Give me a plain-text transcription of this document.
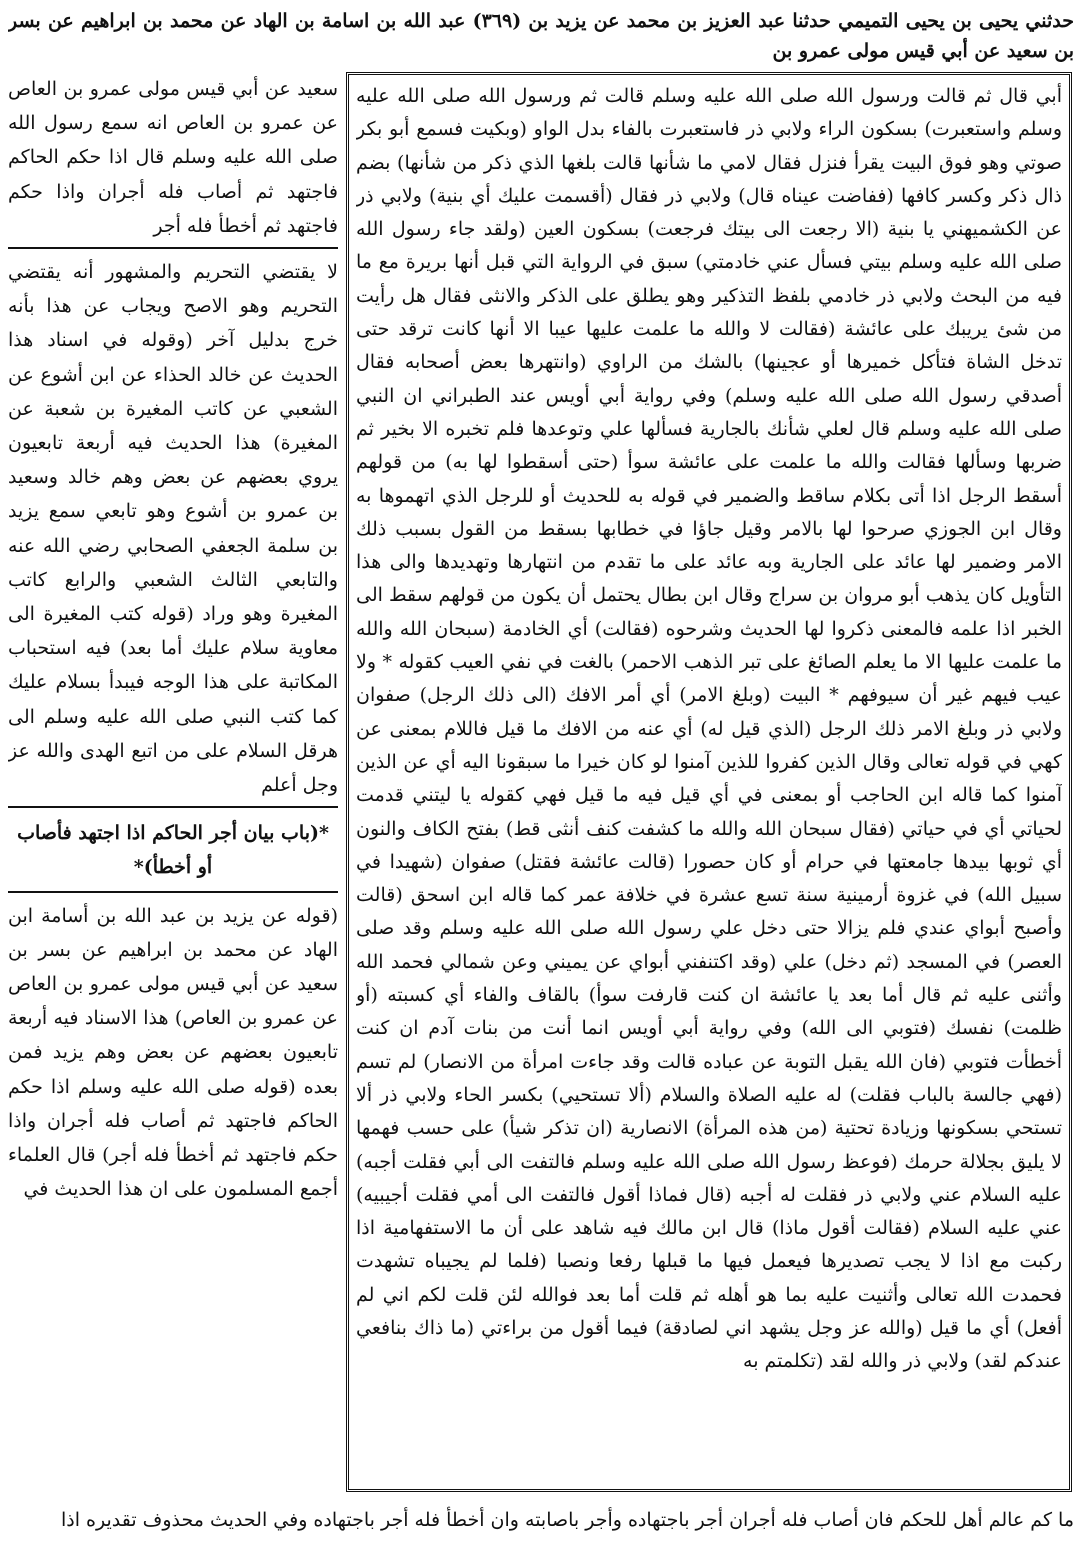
حدثني يحيى بن يحيى التميمي حدثنا عبد العزيز بن محمد عن يزيد بن (٣٦٩) عبد الله بن اسامة بن الهاد عن محمد بن ابراهيم عن بسر بن سعيد عن أبي قيس مولى عمرو بن
أبي قال ثم قالت ورسول الله صلى الله عليه وسلم قالت ثم ورسول الله صلى الله عليه وسلم واستعبرت) بسكون الراء ولابي ذر فاستعبرت بالفاء بدل الواو (وبكيت فسمع أبو بكر صوتي وهو فوق البيت يقرأ فنزل فقال لامي ما شأنها قالت بلغها الذي ذكر من شأنها) بضم ذال ذكر وكسر كافها (ففاضت عيناه قال) ولابي ذر فقال (أقسمت عليك أي بنية) ولابي ذر عن الكشميهني يا بنية (الا رجعت الى بيتك فرجعت) بسكون العين (ولقد جاء رسول الله صلى الله عليه وسلم بيتي فسأل عني خادمتي) سبق في الرواية التي قبل أنها بريرة مع ما فيه من البحث ولابي ذر خادمي بلفظ التذكير وهو يطلق على الذكر والانثى فقال هل رأيت من شئ يريبك على عائشة (فقالت لا والله ما علمت عليها عيبا الا أنها كانت ترقد حتى تدخل الشاة فتأكل خميرها أو عجينها) بالشك من الراوي (وانتهرها بعض أصحابه فقال أصدقي رسول الله صلى الله عليه وسلم) وفي رواية أبي أويس عند الطبراني ان النبي صلى الله عليه وسلم قال لعلي شأنك بالجارية فسألها علي وتوعدها فلم تخبره الا بخير ثم ضربها وسألها فقالت والله ما علمت على عائشة سوأ (حتى أسقطوا لها به) من قولهم أسقط الرجل اذا أتى بكلام ساقط والضمير في قوله به للحديث أو للرجل الذي اتهموها به وقال ابن الجوزي صرحوا لها بالامر وقيل جاؤا في خطابها بسقط من القول بسبب ذلك الامر وضمير لها عائد على الجارية وبه عائد على ما تقدم من انتهارها وتهديدها والى هذا التأويل كان يذهب أبو مروان بن سراج وقال ابن بطال يحتمل أن يكون من قولهم سقط الى الخبر اذا علمه فالمعنى ذكروا لها الحديث وشرحوه (فقالت) أي الخادمة (سبحان الله والله ما علمت عليها الا ما يعلم الصائغ على تبر الذهب الاحمر) بالغت في نفي العيب كقوله * ولا عيب فيهم غير أن سيوفهم * البيت (وبلغ الامر) أي أمر الافك (الى ذلك الرجل) صفوان ولابي ذر وبلغ الامر ذلك الرجل (الذي قيل له) أي عنه من الافك ما قيل فاللام بمعنى عن كهي في قوله تعالى وقال الذين كفروا للذين آمنوا لو كان خيرا ما سبقونا اليه أي عن الذين آمنوا كما قاله ابن الحاجب أو بمعنى في أي قيل فيه ما قيل فهي كقوله يا ليتني قدمت لحياتي أي في حياتي (فقال سبحان الله والله ما كشفت كنف أنثى قط) بفتح الكاف والنون أي ثوبها بيدها جامعتها في حرام أو كان حصورا (قالت عائشة فقتل) صفوان (شهيدا في سبيل الله) في غزوة أرمينية سنة تسع عشرة في خلافة عمر كما قاله ابن اسحق (قالت وأصبح أبواي عندي فلم يزالا حتى دخل علي رسول الله صلى الله عليه وسلم وقد صلى العصر) في المسجد (ثم دخل) علي (وقد اكتنفني أبواي عن يميني وعن شمالي فحمد الله وأثنى عليه ثم قال أما بعد يا عائشة ان كنت قارفت سوأ) بالقاف والفاء أي كسبته (أو ظلمت) نفسك (فتوبي الى الله) وفي رواية أبي أويس انما أنت من بنات آدم ان كنت أخطأت فتوبي (فان الله يقبل التوبة عن عباده قالت وقد جاءت امرأة من الانصار) لم تسم (فهي جالسة بالباب فقلت) له عليه الصلاة والسلام (ألا تستحيي) بكسر الحاء ولابي ذر ألا تستحي بسكونها وزيادة تحتية (من هذه المرأة) الانصارية (ان تذكر شيأ) على حسب فهمها لا يليق بجلالة حرمك (فوعظ رسول الله صلى الله عليه وسلم فالتفت الى أبي فقلت أجبه) عليه السلام عني ولابي ذر فقلت له أجبه (قال فماذا أقول فالتفت الى أمي فقلت أجيبيه) عني عليه السلام (فقالت أقول ماذا) قال ابن مالك فيه شاهد على أن ما الاستفهامية اذا ركبت مع اذا لا يجب تصديرها فيعمل فيها ما قبلها رفعا ونصبا (فلما لم يجيباه تشهدت فحمدت الله تعالى وأثنيت عليه بما هو أهله ثم قلت أما بعد فوالله لئن قلت لكم اني لم أفعل) أي ما قيل (والله عز وجل يشهد اني لصادقة) فيما أقول من براءتي (ما ذاك بنافعي عندكم لقد) ولابي ذر والله لقد (تكلمتم به

سعيد عن أبي قيس مولى عمرو بن العاص عن عمرو بن العاص انه سمع رسول الله صلى الله عليه وسلم قال اذا حكم الحاكم فاجتهد ثم أصاب فله أجران واذا حكم فاجتهد ثم أخطأ فله أجر

لا يقتضي التحريم والمشهور أنه يقتضي التحريم وهو الاصح ويجاب عن هذا بأنه خرج بدليل آخر (وقوله في اسناد هذا الحديث عن خالد الحذاء عن ابن أشوع عن الشعبي عن كاتب المغيرة بن شعبة عن المغيرة) هذا الحديث فيه أربعة تابعيون يروي بعضهم عن بعض وهم خالد وسعيد بن عمرو بن أشوع وهو تابعي سمع يزيد بن سلمة الجعفي الصحابي رضي الله عنه والتابعي الثالث الشعبي والرابع كاتب المغيرة وهو وراد (قوله كتب المغيرة الى معاوية سلام عليك أما بعد) فيه استحباب المكاتبة على هذا الوجه فيبدأ بسلام عليك كما كتب النبي صلى الله عليه وسلم الى هرقل السلام على من اتبع الهدى والله عز وجل أعلم

*(باب بيان أجر الحاكم اذا اجتهد فأصاب أو أخطأ)*

(قوله عن يزيد بن عبد الله بن أسامة ابن الهاد عن محمد بن ابراهيم عن بسر بن سعيد عن أبي قيس مولى عمرو بن العاص عن عمرو بن العاص) هذا الاسناد فيه أربعة تابعيون بعضهم عن بعض وهم يزيد فمن بعده (قوله صلى الله عليه وسلم اذا حكم الحاكم فاجتهد ثم أصاب فله أجران واذا حكم فاجتهد ثم أخطأ فله أجر) قال العلماء أجمع المسلمون على ان هذا الحديث في

ما كم عالم أهل للحكم فان أصاب فله أجران أجر باجتهاده وأجر باصابته وان أخطأ فله أجر باجتهاده وفي الحديث محذوف تقديره اذا
